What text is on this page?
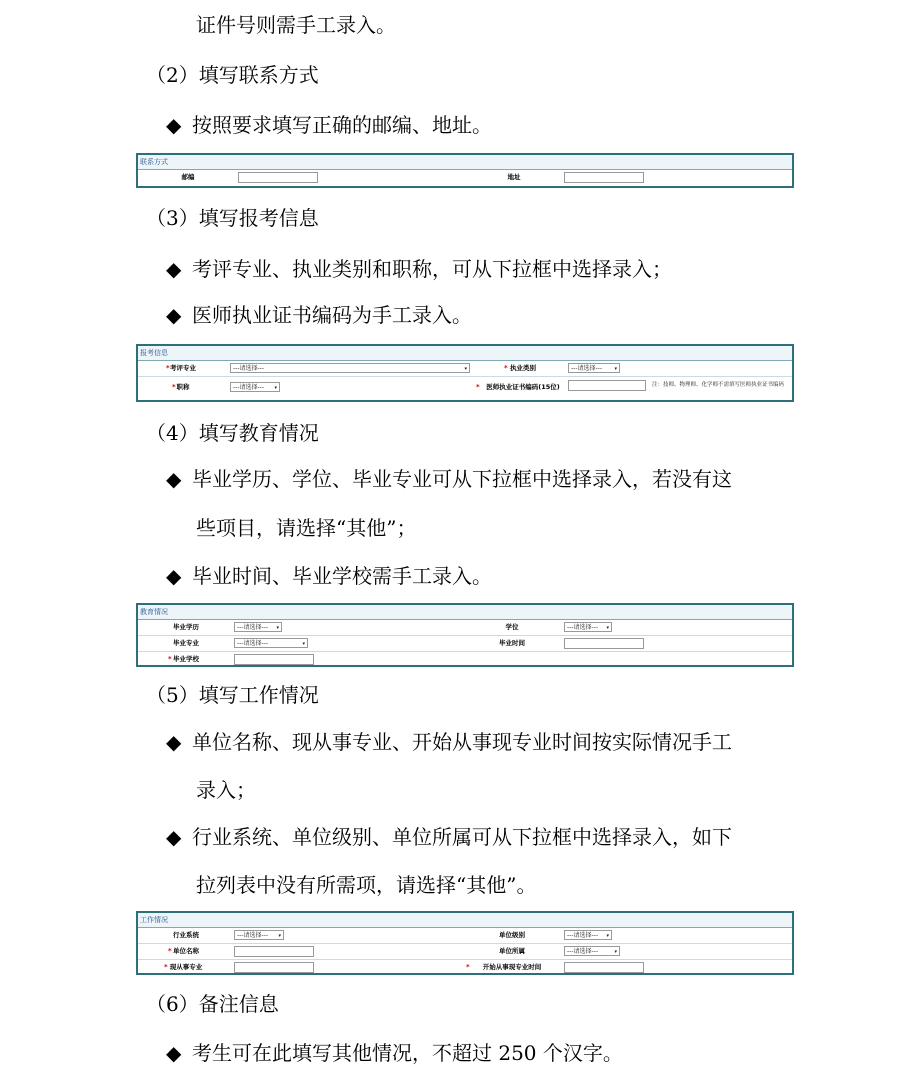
证件号则需手工录入。
（2）填写联系方式
◆ 按照要求填写正确的邮编、地址。
联系方式
邮编	地址
（3）填写报考信息
◆ 考评专业、执业类别和职称，可从下拉框中选择录入；
◆ 医师执业证书编码为手工录入。
报考信息
* 考评专业	---请选择---	▾	* 执业类别	---请选择--- ▾
* 职称	---请选择--- ▾	* 医师执业证书编码(15位)	注：技师、物理师、化学师不需填写医师执业证书编码
（4）填写教育情况
◆ 毕业学历、学位、毕业专业可从下拉框中选择录入，若没有这
些项目，请选择“其他”；
◆ 毕业时间、毕业学校需手工录入。
教育情况
毕业学历	---请选择--- ▾	学位	---请选择--- ▾
毕业专业	---请选择---	▾	毕业时间
* 毕业学校
（5）填写工作情况
◆ 单位名称、现从事专业、开始从事现专业时间按实际情况手工
录入；
◆ 行业系统、单位级别、单位所属可从下拉框中选择录入，如下
拉列表中没有所需项，请选择“其他”。
工作情况
行业系统	---请选择--- ▾	单位级别	---请选择--- ▾
* 单位名称	单位所属	---请选择---	▾
* 现从事专业	* 开始从事现专业时间
（6）备注信息
◆ 考生可在此填写其他情况，不超过 250 个汉字。
